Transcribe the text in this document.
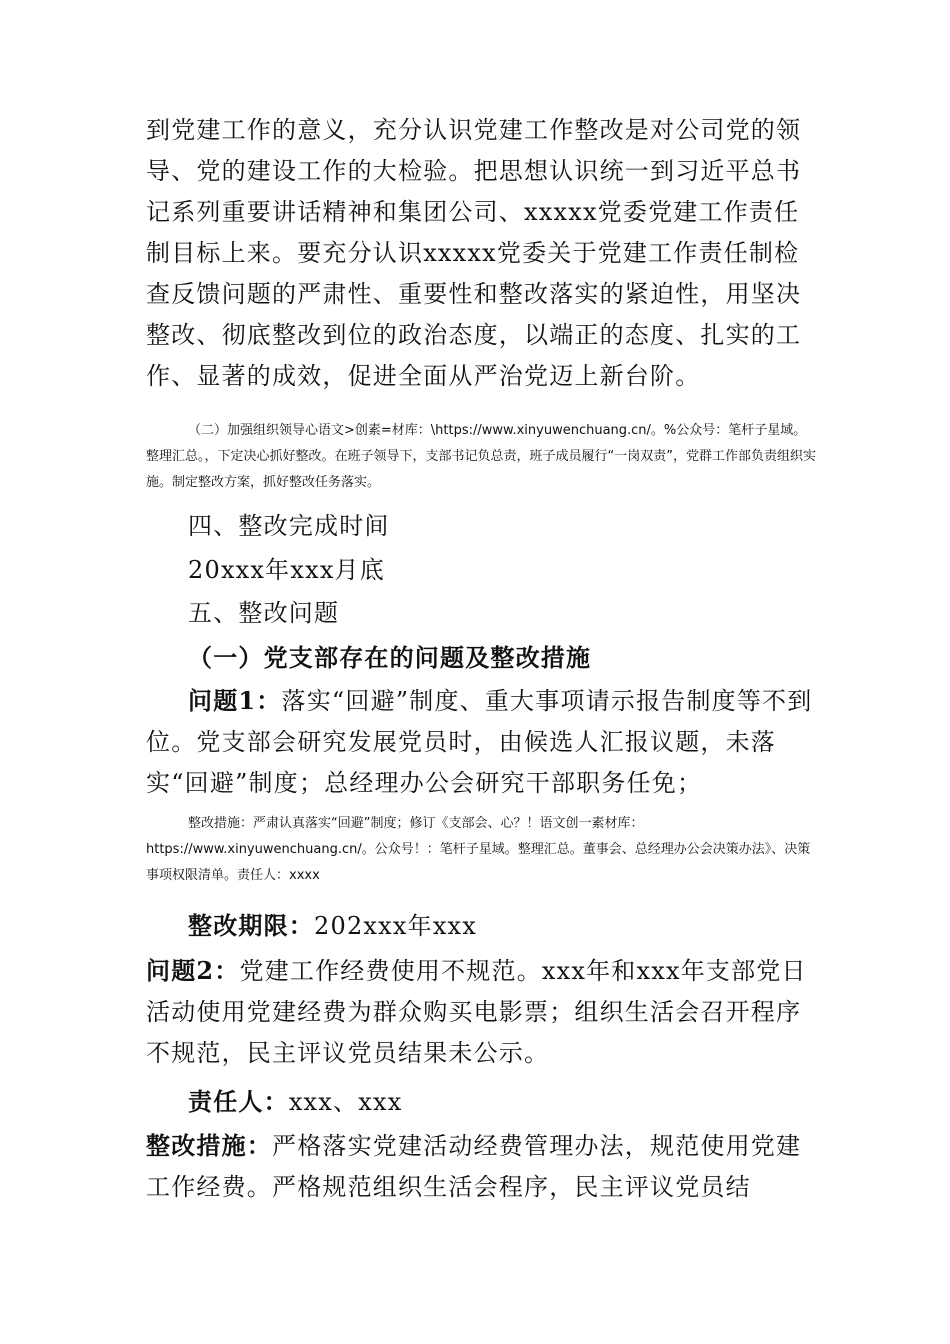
到党建工作的意义，充分认识党建工作整改是对公司党的领导、党的建设工作的大检验。把思想认识统一到习近平总书记系列重要讲话精神和集团公司、xxxxx党委党建工作责任制目标上来。要充分认识xxxxx党委关于党建工作责任制检查反馈问题的严肃性、重要性和整改落实的紧迫性，用坚决整改、彻底整改到位的政治态度，以端正的态度、扎实的工作、显著的成效，促进全面从严治党迈上新台阶。

（二）加强组织领导心语文>创素=材库：\https://www.xinyuwenchuang.cn/。%公众号：笔杆子星域。整理汇总。，下定决心抓好整改。在班子领导下，支部书记负总责，班子成员履行“一岗双责”，党群工作部负责组织实施。制定整改方案，抓好整改任务落实。

四、整改完成时间

20xxx年xxx月底

五、整改问题

（一）党支部存在的问题及整改措施

问题1：落实“回避”制度、重大事项请示报告制度等不到位。党支部会研究发展党员时，由候选人汇报议题，未落实“回避”制度；总经理办公会研究干部职务任免；

整改措施：严肃认真落实“回避”制度；修订《支部会、心？！语文创一素材库：https://www.xinyuwenchuang.cn/。公众号！：笔杆子星域。整理汇总。董事会、总经理办公会决策办法》、决策事项权限清单。责任人：xxxx

整改期限：202xxx年xxx

问题2：党建工作经费使用不规范。xxx年和xxx年支部党日活动使用党建经费为群众购买电影票；组织生活会召开程序不规范，民主评议党员结果未公示。

责任人：xxx、xxx

整改措施：严格落实党建活动经费管理办法，规范使用党建工作经费。严格规范组织生活会程序，民主评议党员结
